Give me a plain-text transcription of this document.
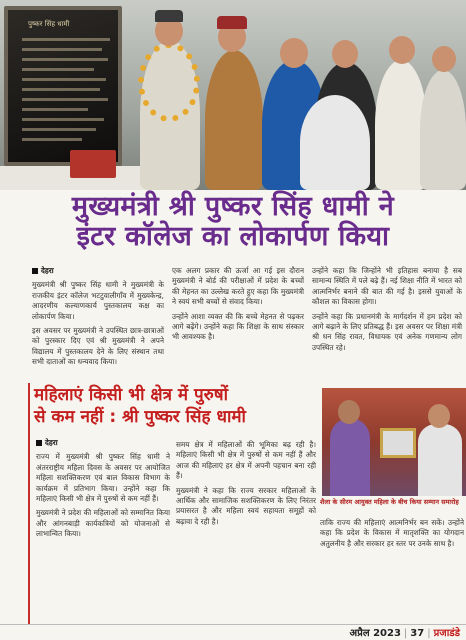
पुष्कर सिंह धामी
मुख्यमंत्री श्री पुष्कर सिंह धामी ने
इंटर कॉलेज का लोकार्पण किया

देहरा

मुख्यमंत्री श्री पुष्कर सिंह धामी ने मुख्यमंत्री के राजकीय इंटर कॉलेज भटटुवालीगाँव में मुख्यकेन्द्र, आदरणीय कल्याणकार्य पुस्तकालय कक्ष का लोकार्पण किया।

इस अवसर पर मुख्यमंत्री ने उपस्थित छात्र-छात्राओं को पुरस्कार दिए एवं श्री मुख्यमंत्री ने अपने विद्यालय में पुस्तकालय देने के लिए संस्थान तथा सभी दाताओं का धन्यवाद किया।

एक अलग प्रकार की ऊर्जा आ गई इस दौरान मुख्यमंत्री ने बोर्ड की परीक्षाओं में प्रदेश के बच्चों की मेहनत का उल्लेख करते हुए कहा कि मुख्यमंत्री ने स्वयं सभी बच्चों से संवाद किया।

उन्होंने आशा व्यक्त की कि बच्चे मेहनत से पढ़कर आगे बढ़ेंगे। उन्होंने कहा कि शिक्षा के साथ संस्कार भी आवश्यक है।

उन्होंने कहा कि जिन्होंने भी इतिहास बनाया है सब सामान्य स्थिति में पले बढ़े हैं। नई शिक्षा नीति में भारत को आत्मनिर्भर बनाने की बात की गई है। इससे युवाओं के कौशल का विकास होगा।

उन्होंने कहा कि प्रधानमंत्री के मार्गदर्शन में हम प्रदेश को आगे बढ़ाने के लिए प्रतिबद्ध हैं। इस अवसर पर शिक्षा मंत्री श्री धन सिंह रावत, विधायक एवं अनेक गणमान्य लोग उपस्थित रहे।

महिलाएं किसी भी क्षेत्र में पुरुषों
से कम नहीं : श्री पुष्कर सिंह धामी
शैला के सीरम आयुक्त महिला के बीच किया सम्मान समारोह

देहरा

राज्य में मुख्यमंत्री श्री पुष्कर सिंह धामी ने अंतरराष्ट्रीय महिला दिवस के अवसर पर आयोजित महिला सशक्तिकरण एवं बाल विकास विभाग के कार्यक्रम में प्रतिभाग किया। उन्होंने कहा कि महिलाएं किसी भी क्षेत्र में पुरुषों से कम नहीं हैं।

मुख्यमंत्री ने प्रदेश की महिलाओं को सम्मानित किया और आंगनबाड़ी कार्यकत्रियों को योजनाओं से लाभान्वित किया।

समय क्षेत्र में महिलाओं की भूमिका बढ़ रही है। महिलाएं किसी भी क्षेत्र में पुरुषों से कम नहीं हैं और आज की महिलाएं हर क्षेत्र में अपनी पहचान बना रही हैं।

मुख्यमंत्री ने कहा कि राज्य सरकार महिलाओं के आर्थिक और सामाजिक सशक्तिकरण के लिए निरंतर प्रयासरत है और महिला स्वयं सहायता समूहों को बढ़ावा दे रही है।	ताकि राज्य की महिलाएं आत्मनिर्भर बन सकें। उन्होंने कहा कि प्रदेश के विकास में मातृशक्ति का योगदान अतुलनीय है और सरकार हर स्तर पर उनके साथ है।

अप्रैल 2023 | 37 | प्रजाडंडे
